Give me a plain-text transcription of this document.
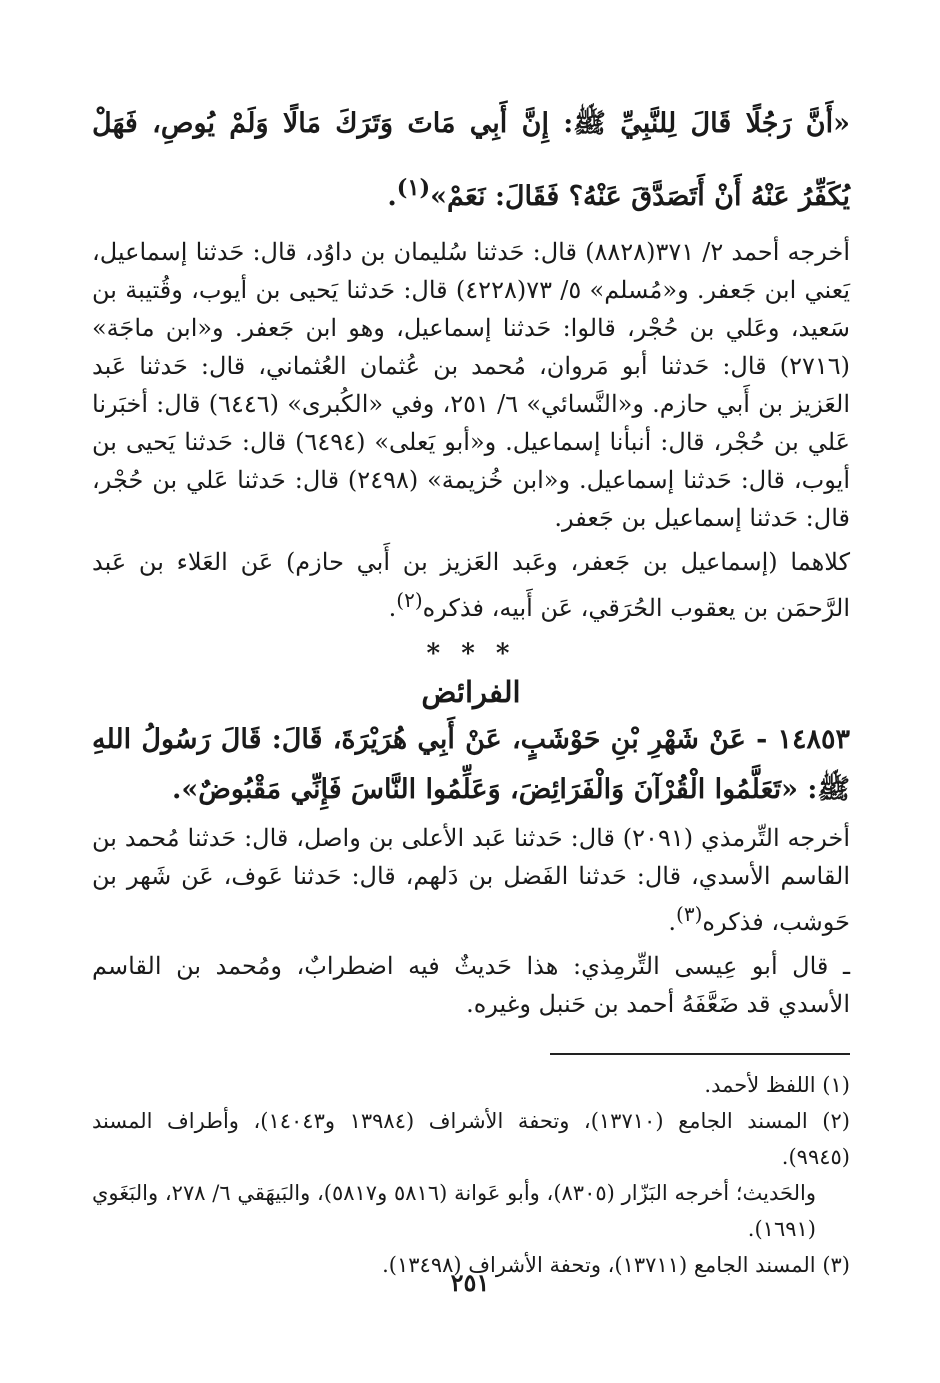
«أَنَّ رَجُلًا قَالَ لِلنَّبِيِّ ﷺ: إِنَّ أَبِي مَاتَ وَتَرَكَ مَالًا وَلَمْ يُوصِ، فَهَلْ يُكَفِّرُ عَنْهُ أَنْ أَتَصَدَّقَ عَنْهُ؟ فَقَالَ: نَعَمْ»$^{(١)}$.

أخرجه أحمد ٢/ ٣٧١(٨٨٢٨) قال: حَدثنا سُليمان بن داوُد، قال: حَدثنا إسماعيل، يَعني ابن جَعفر. و«مُسلم» ٥/ ٧٣(٤٢٢٨) قال: حَدثنا يَحيى بن أيوب، وقُتيبة بن سَعيد، وعَلي بن حُجْر، قالوا: حَدثنا إسماعيل، وهو ابن جَعفر. و«ابن ماجَة» (٢٧١٦) قال: حَدثنا أبو مَروان، مُحمد بن عُثمان العُثماني، قال: حَدثنا عَبد العَزيز بن أَبي حازم. و«النَّسائي» ٦/ ٢٥١، وفي «الكُبرى» (٦٤٤٦) قال: أخبَرنا عَلي بن حُجْر، قال: أنبأنا إسماعيل. و«أبو يَعلى» (٦٤٩٤) قال: حَدثنا يَحيى بن أيوب، قال: حَدثنا إسماعيل. و«ابن خُزيمة» (٢٤٩٨) قال: حَدثنا عَلي بن حُجْر، قال: حَدثنا إسماعيل بن جَعفر.

كلاهما (إسماعيل بن جَعفر، وعَبد العَزيز بن أَبي حازم) عَن العَلاء بن عَبد الرَّحمَن بن يعقوب الحُرَقي، عَن أَبيه، فذكره$^{(٢)}$.

* * *
الفرائض

١٤٨٥٣ - عَنْ شَهْرِ بْنِ حَوْشَبٍ، عَنْ أَبِي هُرَيْرَةَ، قَالَ: قَالَ رَسُولُ اللهِ ﷺ: «تَعَلَّمُوا الْقُرْآنَ وَالْفَرَائِضَ، وَعَلِّمُوا النَّاسَ فَإِنِّي مَقْبُوضٌ».

أخرجه التِّرمذي (٢٠٩١) قال: حَدثنا عَبد الأعلى بن واصل، قال: حَدثنا مُحمد بن القاسم الأسدي، قال: حَدثنا الفَضل بن دَلهم، قال: حَدثنا عَوف، عَن شَهر بن حَوشب، فذكره$^{(٣)}$.

ـ قال أبو عِيسى التِّرمِذي: هذا حَديثٌ فيه اضطرابٌ، ومُحمد بن القاسم الأسدي قد ضَعَّفَهُ أحمد بن حَنبل وغيره.

(١) اللفظ لأحمد.

(٢) المسند الجامع (١٣٧١٠)، وتحفة الأشراف (١٣٩٨٤ و١٤٠٤٣)، وأطراف المسند (٩٩٤٥).

والحَديث؛ أخرجه البَزّار (٨٣٠٥)، وأبو عَوانة (٥٨١٦ و٥٨١٧)، والبَيهَقي ٦/ ٢٧٨، والبَغَوي (١٦٩١).

(٣) المسند الجامع (١٣٧١١)، وتحفة الأشراف (١٣٤٩٨).

٢٥١
